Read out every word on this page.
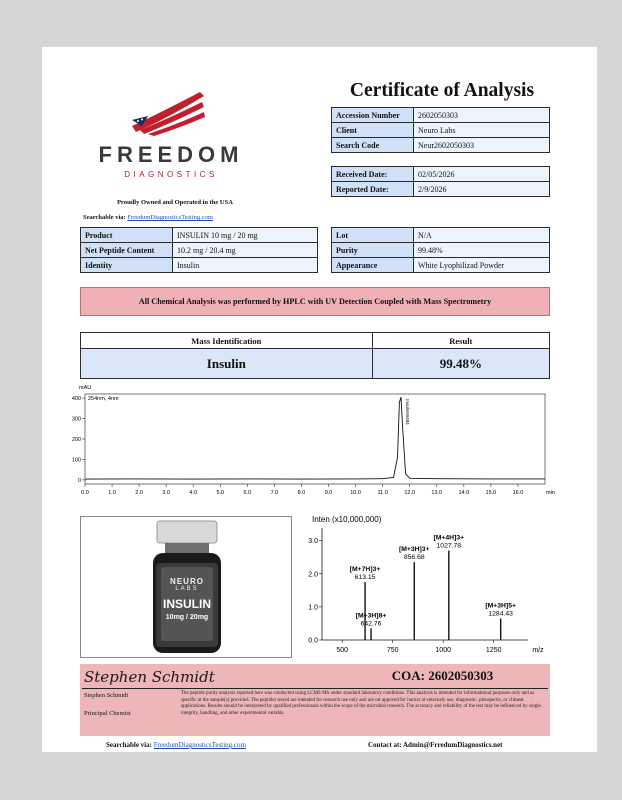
FREEDOM
DIAGNOSTICS
Proudly Owned and Operated in the USA
Searchable via: FreedumDiagnosticsTesting.com
Certificate of Analysis
Accession Number	2602050303
Client	Neuro Labs
Search Code	Neur2602050303
Received Date:	02/05/2026
Reported Date:	2/9/2026
Product	INSULIN 10 mg / 20 mg
Net Peptide Content	10.2 mg / 20.4 mg
Identity	Insulin
Lot	N/A
Purity	99.48%
Appearance	White Lyophilizad Powder
All Chemical Analysis was performed by HPLC with UV Detection Coupled with Mass Spectrometry
Mass Identification	Result
Insulin	99.48%
0
100
200
300
400
0.0	1.0	2.0	3.0	4.0	5.0	6.0	7.0	8.0	9.0	10.0	11.0	12.0	13.0	14.0	15.0	16.0	min
mAU
254nm, 4nm
Insulin99484
NEURO
LABS
INSULIN
10mg / 20mg
Inten (x10,000,000)
0.0
1.0
2.0
3.0
500	750	1000	1250	m/z
[M+3H]8+
642.76
[M+7H]3+
613.15
[M+3H]3+
856.68
[M+4H]3+
1027.78
[M+3H]5+
1284.43
Stephen Schmidt	COA: 2602050303
Stephen Schmidt
Principal Chemist
The peptide purity analysis reported here was conducted using LCMS MS under standard laboratory conditions. This analysis is intended for informational purposes only and as specific at the sample(s) provided. The peptider tested are intended for research use only and are ort appoved for hurnar at vetecnaly use, diagnostic, pleuspertic, or climeat applications. Results should be interpreted by qualified professionals within the scope of the microbial research. The accuracy and reliability of the test may be influenced by single integrity, handling, and other experimental variabls.
Searchable via: FreedumDiagnosticsTesting.com	Contact at: Admin@FrredumDiagnostics.net
